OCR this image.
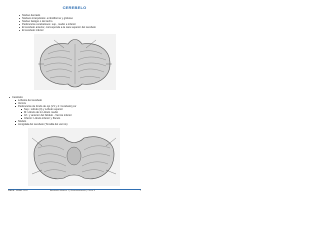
CEREBELO
Núcleo dentado
Núcleos interpósitos: emboliforme y globoso
Núcleo fastigio o del techo
Pedúnculos cerebelosos: sup., medio e inferior
El cerebelo anterior, corresponde a la cara superior del cerebelo
El cerebelo inferior
Cerebelo:
Lóbulos del cerebelo
Vermis
Pedúnculos de fondo de ojo (V1 y 2: Cerebelo) por
Sup.: Lóbulo (lt) y Lóbulo superior
M: Lóbulo de lo Lóbulo medio
Inf.: y anterior del Nódulo - Vermis inferior
Inferior: Lóbulo inferior y flóculo
Nódulo
Amígdala del cerebelo (Tonsilla del vermis)
MAPA - HGAN 2024	Anatomía Médica 1 | Neuroanatomía | Clase 8	1
